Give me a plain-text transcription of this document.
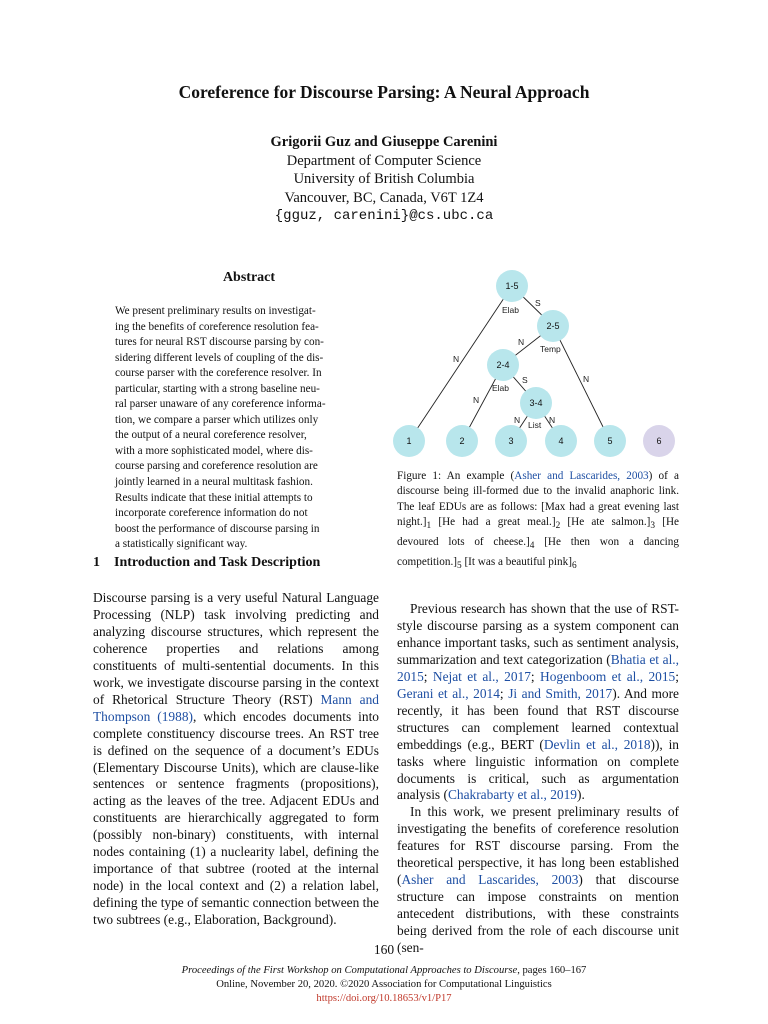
Coreference for Discourse Parsing: A Neural Approach
Grigorii Guz and Giuseppe Carenini
Department of Computer Science
University of British Columbia
Vancouver, BC, Canada, V6T 1Z4
{gguz, carenini}@cs.ubc.ca
Abstract
We present preliminary results on investigat-
ing the benefits of coreference resolution fea-
tures for neural RST discourse parsing by con-
sidering different levels of coupling of the dis-
course parser with the coreference resolver. In
particular, starting with a strong baseline neu-
ral parser unaware of any coreference informa-
tion, we compare a parser which utilizes only
the output of a neural coreference resolver,
with a more sophisticated model, where dis-
course parsing and coreference resolution are
jointly learned in a neural multitask fashion.
Results indicate that these initial attempts to
incorporate coreference information do not
boost the performance of discourse parsing in
a statistically significant way.
1 Introduction and Task Description

Discourse parsing is a very useful Natural Language Processing (NLP) task involving predicting and analyzing discourse structures, which represent the coherence properties and relations among constituents of multi-sentential documents. In this work, we investigate discourse parsing in the context of Rhetorical Structure Theory (RST) Mann and Thompson (1988), which encodes documents into complete constituency discourse trees. An RST tree is defined on the sequence of a document’s EDUs (Elementary Discourse Units), which are clause-like sentences or sentence fragments (propositions), acting as the leaves of the tree. Adjacent EDUs and constituents are hierarchically aggregated to form (possibly non-binary) constituents, with internal nodes containing (1) a nuclearity label, defining the importance of that subtree (rooted at the internal node) in the local context and (2) a relation label, defining the type of semantic connection between the two subtrees (e.g., Elaboration, Background).

N
S
Elab
N
Temp
N
N
S
Elab
N	N
List
1-5
2-5
2-4
3-4
1	2	3	4	5	6
Figure 1: An example (Asher and Lascarides, 2003) of a discourse being ill-formed due to the invalid anaphoric link. The leaf EDUs are as follows: [Max had a great evening last $night.]_1$ [He had a great $meal.]_2$ [He ate $salmon.]_3$ [He devoured lots of $cheese.]_4$ [He then won a dancing $competition.]_5$ [It was a beautiful $pink]_6$

Previous research has shown that the use of RST-style discourse parsing as a system component can enhance important tasks, such as sentiment analysis, summarization and text categorization (Bhatia et al., 2015; Nejat et al., 2017; Hogenboom et al., 2015; Gerani et al., 2014; Ji and Smith, 2017). And more recently, it has been found that RST discourse structures can complement learned contextual embeddings (e.g., BERT (Devlin et al., 2018)), in tasks where linguistic information on complete documents is critical, such as argumentation analysis (Chakrabarty et al., 2019).

In this work, we present preliminary results of investigating the benefits of coreference resolution features for RST discourse parsing. From the theoretical perspective, it has long been established (Asher and Lascarides, 2003) that discourse structure can impose constraints on mention antecedent distributions, with these constraints being derived from the role of each discourse unit (sen-

160
Proceedings of the First Workshop on Computational Approaches to Discourse, pages 160–167
Online, November 20, 2020. ©2020 Association for Computational Linguistics
https://doi.org/10.18653/v1/P17
